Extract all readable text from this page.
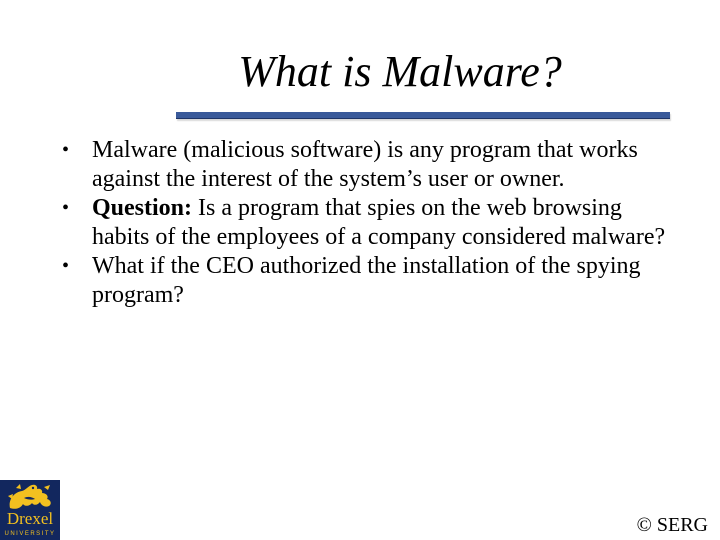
What is Malware?
• Malware (malicious software) is any program that works against the interest of the system’s user or owner.
• Question: Is a program that spies on the web browsing habits of the employees of a company considered malware?
• What if the CEO authorized the installation of the spying program?
Drexel
UNIVERSITY	© SERG
